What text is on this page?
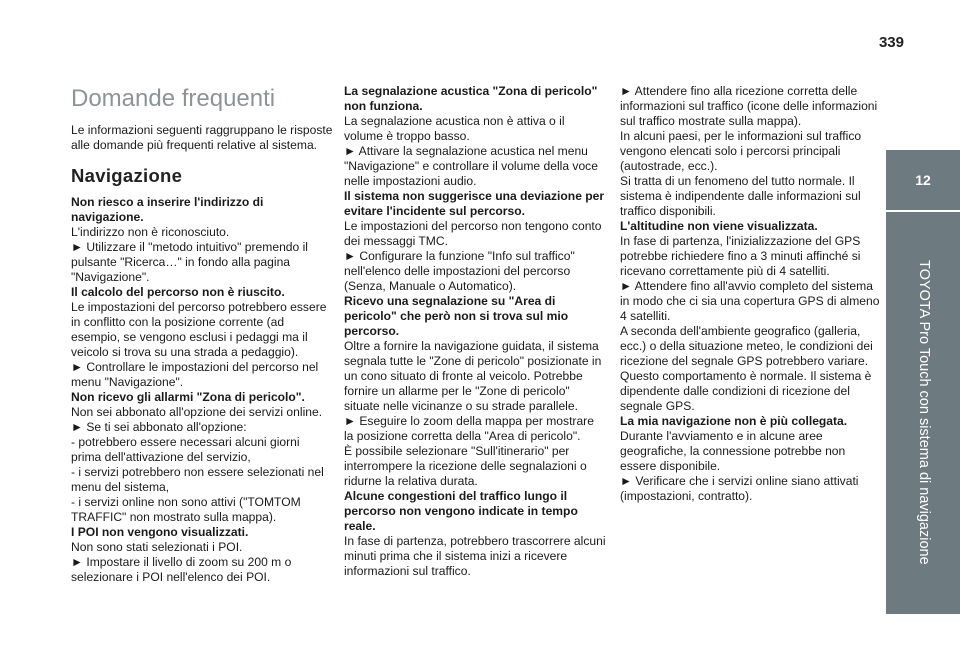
339
12
TOYOTA Pro Touch con sistema di navigazione
Domande frequenti

Le informazioni seguenti raggruppano le risposte alle domande più frequenti relative al sistema.

Navigazione

Non riesco a inserire l'indirizzo di navigazione.

L'indirizzo non è riconosciuto.

► Utilizzare il "metodo intuitivo" premendo il pulsante "Ricerca…" in fondo alla pagina "Navigazione".

Il calcolo del percorso non è riuscito.

Le impostazioni del percorso potrebbero essere in conflitto con la posizione corrente (ad esempio, se vengono esclusi i pedaggi ma il veicolo si trova su una strada a pedaggio).

► Controllare le impostazioni del percorso nel menu "Navigazione".

Non ricevo gli allarmi "Zona di pericolo".

Non sei abbonato all'opzione dei servizi online.

► Se ti sei abbonato all'opzione:

- potrebbero essere necessari alcuni giorni prima dell'attivazione del servizio,

- i servizi potrebbero non essere selezionati nel menu del sistema,

- i servizi online non sono attivi ("TOMTOM TRAFFIC" non mostrato sulla mappa).

I POI non vengono visualizzati.

Non sono stati selezionati i POI.

► Impostare il livello di zoom su 200 m o selezionare i POI nell'elenco dei POI.

La segnalazione acustica "Zona di pericolo" non funziona.

La segnalazione acustica non è attiva o il volume è troppo basso.

► Attivare la segnalazione acustica nel menu "Navigazione" e controllare il volume della voce nelle impostazioni audio.

Il sistema non suggerisce una deviazione per evitare l'incidente sul percorso.

Le impostazioni del percorso non tengono conto dei messaggi TMC.

► Configurare la funzione "Info sul traffico" nell'elenco delle impostazioni del percorso (Senza, Manuale o Automatico).

Ricevo una segnalazione su "Area di pericolo" che però non si trova sul mio percorso.

Oltre a fornire la navigazione guidata, il sistema segnala tutte le "Zone di pericolo" posizionate in un cono situato di fronte al veicolo. Potrebbe fornire un allarme per le "Zone di pericolo" situate nelle vicinanze o su strade parallele.

► Eseguire lo zoom della mappa per mostrare la posizione corretta della "Area di pericolo".

È possibile selezionare "Sull'itinerario" per interrompere la ricezione delle segnalazioni o ridurne la relativa durata.

Alcune congestioni del traffico lungo il percorso non vengono indicate in tempo reale.

In fase di partenza, potrebbero trascorrere alcuni minuti prima che il sistema inizi a ricevere informazioni sul traffico.

► Attendere fino alla ricezione corretta delle informazioni sul traffico (icone delle informazioni sul traffico mostrate sulla mappa).

In alcuni paesi, per le informazioni sul traffico vengono elencati solo i percorsi principali (autostrade, ecc.).

Si tratta di un fenomeno del tutto normale. Il sistema è indipendente dalle informazioni sul traffico disponibili.

L'altitudine non viene visualizzata.

In fase di partenza, l'inizializzazione del GPS potrebbe richiedere fino a 3 minuti affinché si ricevano correttamente più di 4 satelliti.

► Attendere fino all'avvio completo del sistema in modo che ci sia una copertura GPS di almeno 4 satelliti.

A seconda dell'ambiente geografico (galleria, ecc.) o della situazione meteo, le condizioni dei ricezione del segnale GPS potrebbero variare.

Questo comportamento è normale. Il sistema è dipendente dalle condizioni di ricezione del segnale GPS.

La mia navigazione non è più collegata.

Durante l'avviamento e in alcune aree geografiche, la connessione potrebbe non essere disponibile.

► Verificare che i servizi online siano attivati (impostazioni, contratto).
